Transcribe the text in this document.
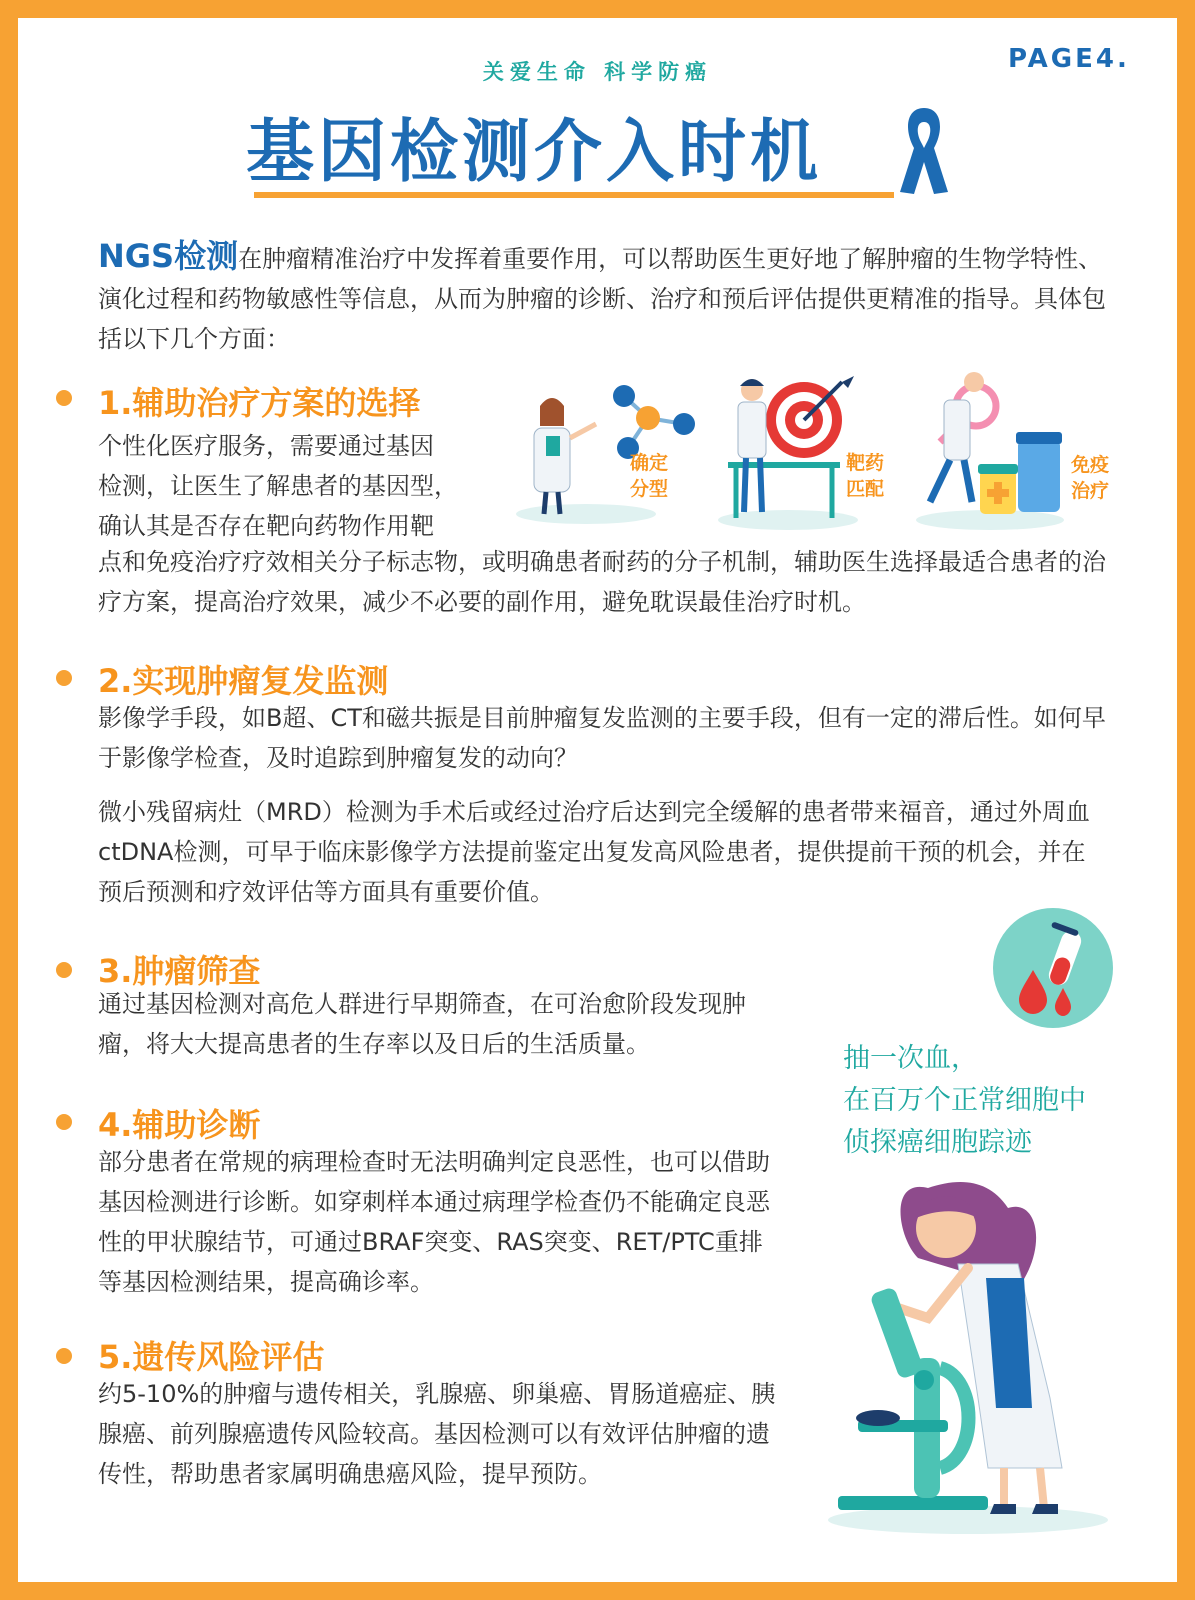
关爱生命 科学防癌	PAGE4.
基因检测介入时机
NGS检测在肿瘤精准治疗中发挥着重要作用，可以帮助医生更好地了解肿瘤的生物学特性、演化过程和药物敏感性等信息，从而为肿瘤的诊断、治疗和预后评估提供更精准的指导。具体包括以下几个方面：
1.辅助治疗方案的选择
个性化医疗服务，需要通过基因
检测，让医生了解患者的基因型，
确认其是否存在靶向药物作用靶
点和免疫治疗疗效相关分子标志物，或明确患者耐药的分子机制，辅助医生选择最适合患者的治疗方案，提高治疗效果，减少不必要的副作用，避免耽误最佳治疗时机。
确定
分型
靶药
匹配
免疫
治疗
2.实现肿瘤复发监测
影像学手段，如B超、CT和磁共振是目前肿瘤复发监测的主要手段，但有一定的滞后性。如何早于影像学检查，及时追踪到肿瘤复发的动向？
微小残留病灶（MRD）检测为手术后或经过治疗后达到完全缓解的患者带来福音，通过外周血ctDNA检测，可早于临床影像学方法提前鉴定出复发高风险患者，提供提前干预的机会，并在预后预测和疗效评估等方面具有重要价值。
3.肿瘤筛查
通过基因检测对高危人群进行早期筛查，在可治愈阶段发现肿瘤，将大大提高患者的生存率以及日后的生活质量。
4.辅助诊断
部分患者在常规的病理检查时无法明确判定良恶性，也可以借助基因检测进行诊断。如穿刺样本通过病理学检查仍不能确定良恶性的甲状腺结节，可通过BRAF突变、RAS突变、RET/PTC重排等基因检测结果，提高确诊率。
5.遗传风险评估
约5-10%的肿瘤与遗传相关，乳腺癌、卵巢癌、胃肠道癌症、胰腺癌、前列腺癌遗传风险较高。基因检测可以有效评估肿瘤的遗传性，帮助患者家属明确患癌风险，提早预防。
抽一次血，
在百万个正常细胞中
侦探癌细胞踪迹
